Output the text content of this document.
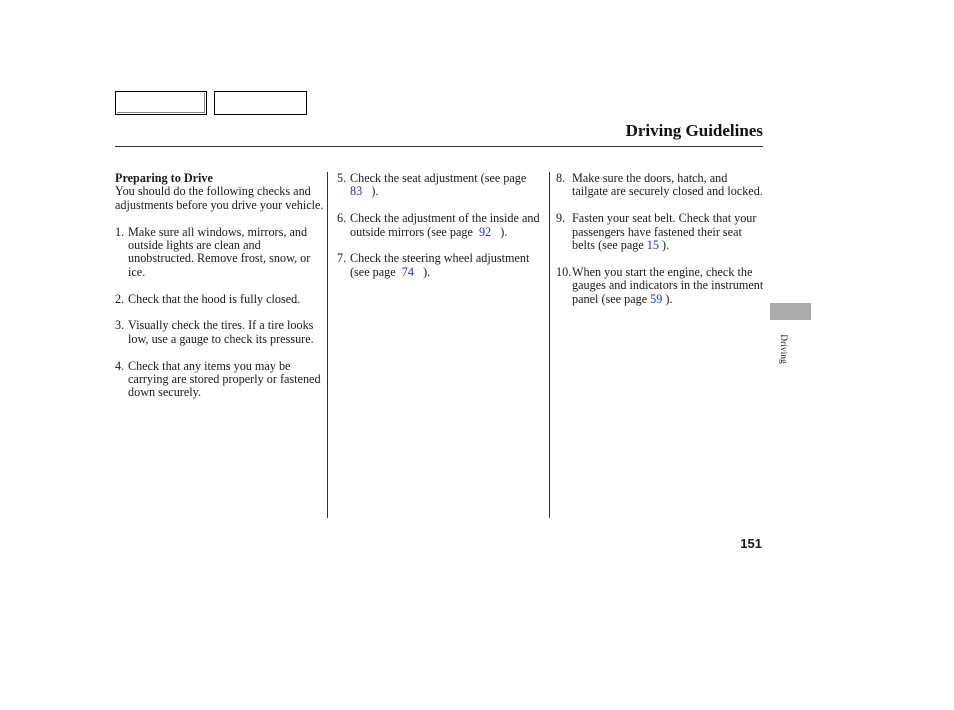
Driving Guidelines

Preparing to Drive

You should do the following checks and adjustments before you drive your vehicle.

1. Make sure all windows, mirrors, and outside lights are clean and unobstructed. Remove frost, snow, or ice.
2. Check that the hood is fully closed.
3. Visually check the tires. If a tire looks low, use a gauge to check its pressure.
4. Check that any items you may be carrying are stored properly or fastened down securely.
5. Check the seat adjustment (see page  83 ).
6. Check the adjustment of the inside and outside mirrors (see page 92 ).
7. Check the steering wheel adjustment (see page 74 ).
8. Make sure the doors, hatch, and tailgate are securely closed and locked.
9. Fasten your seat belt. Check that your passengers have fastened their seat belts (see page 15 ).
10. When you start the engine, check the gauges and indicators in the instrument panel (see page 59 ).
Driving
151
